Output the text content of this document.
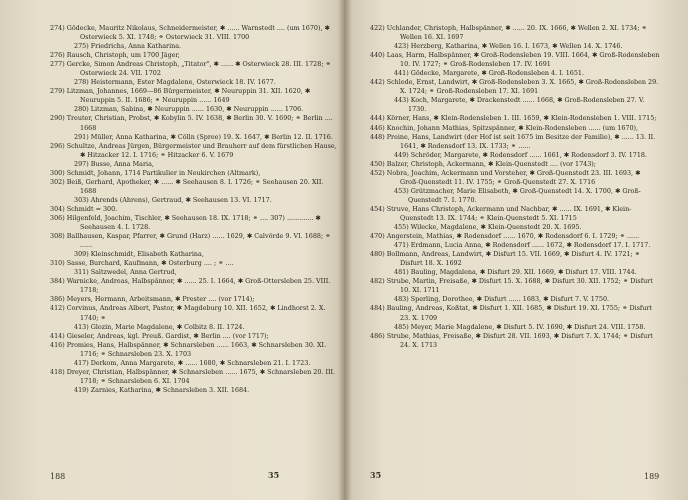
274) Gödecke, Mauritz Nikolaus, Schneidermeister, ✱ ...... Warnstedt .... (um 1670), ✱ Osterwieck 5. XI. 1748; ⚭ Osterwieck 31. VIII. 1700
275) Friedrichs, Anna Katharina.
276) Rausch, Christoph, um 1700 Jäger,
277) Gercke, Simon Andreas Christoph, „Titator", ✱ ...... ✱ Osterwieck 28. III. 1728; ⚭ Osterwieck 24. VII. 1702
278) Heistermann, Ester Magdalene, Osterwieck 18. IV. 1677.
279) Litzman, Johannes, 1669—86 Bürgermeister, ✱ Neuruppin 31. XII. 1620, ✱ Neuruppin 5. II. 1686; ⚭ Neuruppin ...... 1649
280) Litzman, Sabina, ✱ Neuruppin ...... 1630, ✱ Neuruppin ...... 1706.
290) Treuter, Christian, Probst, ✱ Kobylin 5. IV. 1638, ✱ Berlin 30. V. 1690; ⚭ Berlin .... 1668
291) Müller, Anna Katharina, ✱ Cölln (Spree) 19. X. 1647, ✱ Berlin 12. II. 1716.
296) Schultze, Andreas Jürgen, Bürgermeister und Brauherr auf dem fürstlichen Hause, ✱ Hitzacker 12. I. 1716; ⚭ Hitzacker 6. V. 1679
297) Busse, Anna Maria,
300) Schmidt, Johann, 1714 Partikulier in Neukirchen (Altmark),
302) Beiß, Gerhard, Apotheker, ✱ ...... ✱ Seehausen 8. I. 1726; ⚭ Seehausen 20. XII. 1688
303) Ahrends (Ahrens), Gertraud, ✱ Seehausen 13. VI. 1717.
304) Schmidt = 300.
306) Hilgenfeld, Joachim, Tischler, ✱ Seehausen 18. IX. 1718; ⚭ .... 307) ............. ✱ Seehausen 4. I. 1728.
308) Ballhausen, Kaspar, Pfarrer, ✱ Grund (Harz) ...... 1629, ✱ Calvörde 9. VI. 1688; ⚭ ......
309) Kleinschmidt, Elisabeth Katharina,
310) Sasse, Burchard, Kaufmann, ✱ Osterburg .... ; ⚭ ....
311) Saltzwedel, Anna Gertrud,
384) Warnicke, Andreas, Halbspänner, ✱ ...... 25. I. 1664, ✱ Groß-Ottersleben 25. VIII. 1718;
386) Meyers, Hermann, Arbeitsmann, ✱ Prester .... (vor 1714);
412) Corvinus, Andreas Albert, Pastor, ✱ Magdeburg 10. XII. 1652, ✱ Lindhorst 2. X. 1740; ⚭
413) Glozin, Marie Magdalene, ✱ Colbitz 8. II. 1724.
414) Gieseler, Andreas, kgl. Preuß. Gardist, ✱ Berlin .... (vor 1717);
416) Promies, Hans, Halbspänner, ✱ Schnarsleben ...... 1663, ✱ Schnarsleben 30. XI. 1716; ⚭ Schnarsleben 23. X. 1703
417) Derkom, Anna Margarete, ✱ ...... 1680, ✱ Schnarsleben 21. I. 1723.
418) Dreyer, Christian, Halbspänner, ✱ Schnarsleben ...... 1675, ✱ Schnarsleben 20. III. 1718; ⚭ Schnarsleben 6. XI. 1704
419) Zarnies, Katharina, ✱ Schnarsleben 3. XII. 1684.
422) Uchlander, Christoph, Halbspänner, ✱ ...... 20. IX. 1666, ✱ Wellen 2. XI. 1734; ⚭ Wellen 16. XI. 1697
423) Herzberg, Katharina, ✱ Wellen 16. I. 1673, ✱ Wellen 14. X. 1746.
440) Laas, Harm, Halbspänner, ✱ Groß-Rodensleben 19. VIII. 1664, ✱ Groß-Rodensleben 10. IV. 1727; ⚭ Groß-Rodensleben 17. IV. 1691
441) Gödecke, Margarete, ✱ Groß-Rodensleben 4. I. 1651.
442) Schlede, Ernst, Landwirt, ✱ Groß-Rodensleben 3. X. 1665, ✱ Groß-Rodensleben 29. X. 1724; ⚭ Groß-Rodensleben 17. XI. 1691
443) Koch, Margarete, ✱ Drackenstedt ...... 1668, ✱ Groß-Rodensleben 27. V. 1730.
444) Körner, Hans, ✱ Klein-Rodensleben 1. III. 1659, ✱ Klein-Rodensleben 1. VIII. 1715;
446) Knochin, Johann Mathias, Spitzspänner, ✱ Klein-Rodensleben ...... (um 1670),
448) Preine, Hans, Landwirt (der Hof ist seit 1675 im Besitze der Familie), ✱ ...... 13. II. 1641, ✱ Rodensdorf 13. IX. 1733; ⚭ ......
449) Schröder, Margarete, ✱ Rodensdorf ...... 1661, ✱ Rodensdorf 3. IV. 1718.
450) Balzer, Christoph, Ackermann, ✱ Klein-Quenstedt .... (vor 1743);
452) Nobra, Joachim, Ackermann und Vorsteher, ✱ Groß-Quenstedt 23. III. 1693, ✱ Groß-Quenstedt 11. IV. 1755; ⚭ Groß-Quenstedt 27. X. 1716
453) Grützmacher, Marie Elisabeth, ✱ Groß-Quenstedt 14. X. 1700, ✱ Groß-Quenstedt 7. I. 1770.
454) Struve, Hans Christoph, Ackermann und Nachbar, ✱ ...... IX. 1691, ✱ Klein-Quenstedt 13. IX. 1744; ⚭ Klein-Quenstedt 5. XI. 1715
455) Wilecke, Magdalene, ✱ Klein-Quenstedt 20. X. 1695.
470) Angerstein, Mathias, ✱ Rodensdorf ...... 1670, ✱ Rodensdorf 6. I. 1729; ⚭ ......
471) Erdmann, Lucia Anna, ✱ Rodensdorf ...... 1672, ✱ Rodensdorf 17. I. 1717.
480) Bollmann, Andreas, Landwirt, ✱ Disfurt 15. VII. 1669, ✱ Disfurt 4. IV. 1721; ⚭ Disfurt 18. X. 1692
481) Bauling, Magdalena, ✱ Disfurt 29. XII. 1669, ✱ Disfurt 17. VIII. 1744.
482) Strube, Martin, Freisaße, ✱ Disfurt 15. X. 1688, ✱ Disfurt 30. XII. 1752; ⚭ Disfurt 10. XI. 1711
483) Sperling, Dorothee, ✱ Disfurt ...... 1683, ✱ Disfurt 7. V. 1750.
484) Bauling, Andreas, Koßtat, ✱ Disfurt 1. XII. 1685, ✱ Disfurt 19. XI. 1755; ⚭ Disfurt 23. X. 1709
485) Meyer, Marie Magdalene, ✱ Disfurt 5. IV. 1690, ✱ Disfurt 24. VIII. 1758.
486) Strube, Mathias, Freisaße, ✱ Disfurt 28. VII. 1693, ✱ Disfurt 7. X. 1744; ⚭ Disfurt 24. X. 1713
188	35	35	189
